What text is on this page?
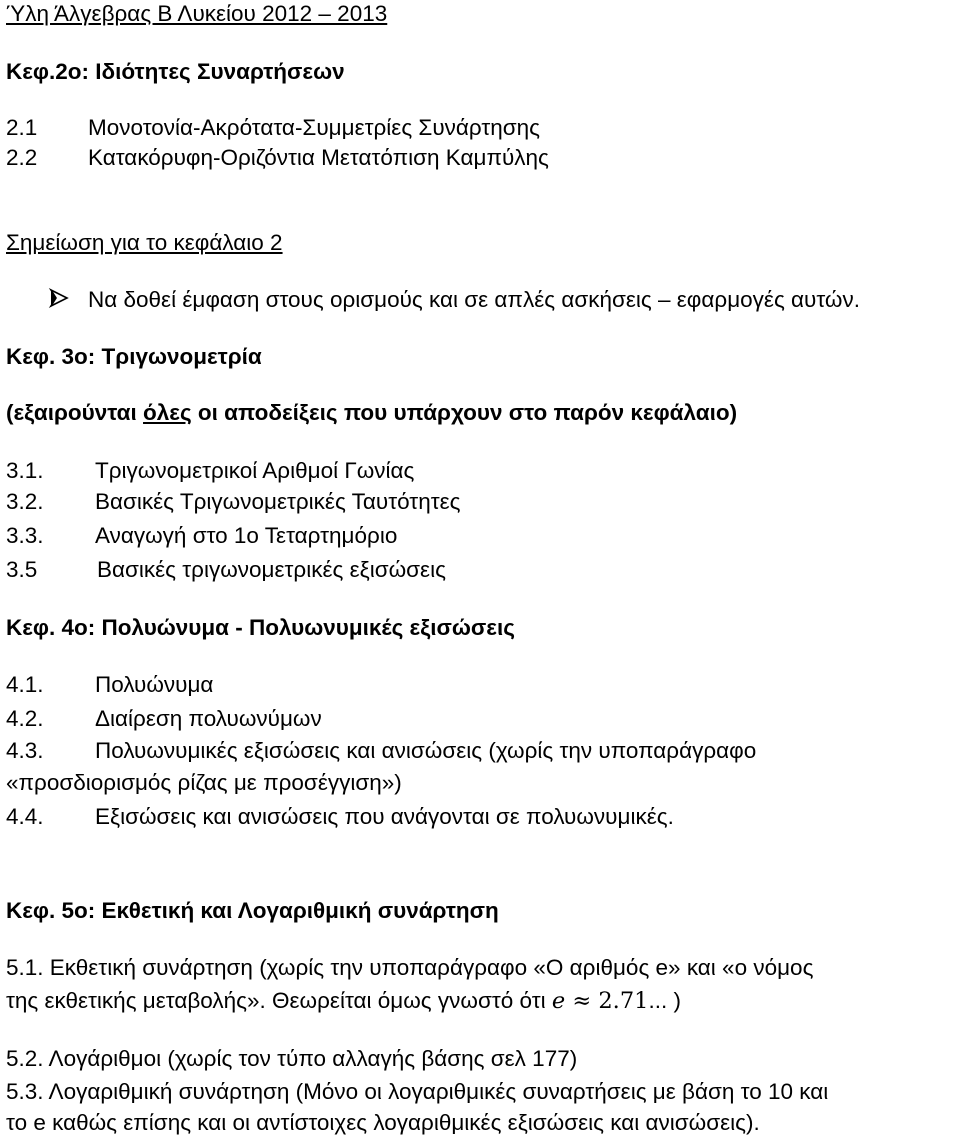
Ύλη Άλγεβρας Β Λυκείου 2012 – 2013
Κεφ.2ο: Ιδιότητες Συναρτήσεων
2.1 Μονοτονία-Ακρότατα-Συμμετρίες Συνάρτησης
2.2 Κατακόρυφη-Οριζόντια Μετατόπιση Καμπύλης
Σημείωση για το κεφάλαιο 2
Να δοθεί έμφαση στους ορισμούς και σε απλές ασκήσεις – εφαρμογές αυτών.
Κεφ. 3ο: Τριγωνομετρία
(εξαιρούνται όλες οι αποδείξεις που υπάρχουν στο παρόν κεφάλαιο)
3.1. Τριγωνομετρικοί Αριθμοί Γωνίας
3.2. Βασικές Τριγωνομετρικές Ταυτότητες
3.3. Αναγωγή στο 1ο Τεταρτημόριο
3.5	Βασικές τριγωνομετρικές εξισώσεις
Κεφ. 4ο: Πολυώνυμα - Πολυωνυμικές εξισώσεις
4.1. Πολυώνυμα
4.2. Διαίρεση πολυωνύμων
4.3. Πολυωνυμικές εξισώσεις και ανισώσεις (χωρίς την υποπαράγραφο
«προσδιορισμός ρίζας με προσέγγιση»)
4.4. Εξισώσεις και ανισώσεις που ανάγονται σε πολυωνυμικές.
Κεφ. 5ο: Εκθετική και Λογαριθμική συνάρτηση
5.1. Εκθετική συνάρτηση (χωρίς την υποπαράγραφο «Ο αριθμός e» και «ο νόμος
της εκθετικής μεταβολής». Θεωρείται όμως γνωστό ότι e ≈ 2.71... )
5.2. Λογάριθμοι (χωρίς τον τύπο αλλαγής βάσης σελ 177)
5.3. Λογαριθμική συνάρτηση (Μόνο οι λογαριθμικές συναρτήσεις με βάση το 10 και
το e καθώς επίσης και οι αντίστοιχες λογαριθμικές εξισώσεις και ανισώσεις).
